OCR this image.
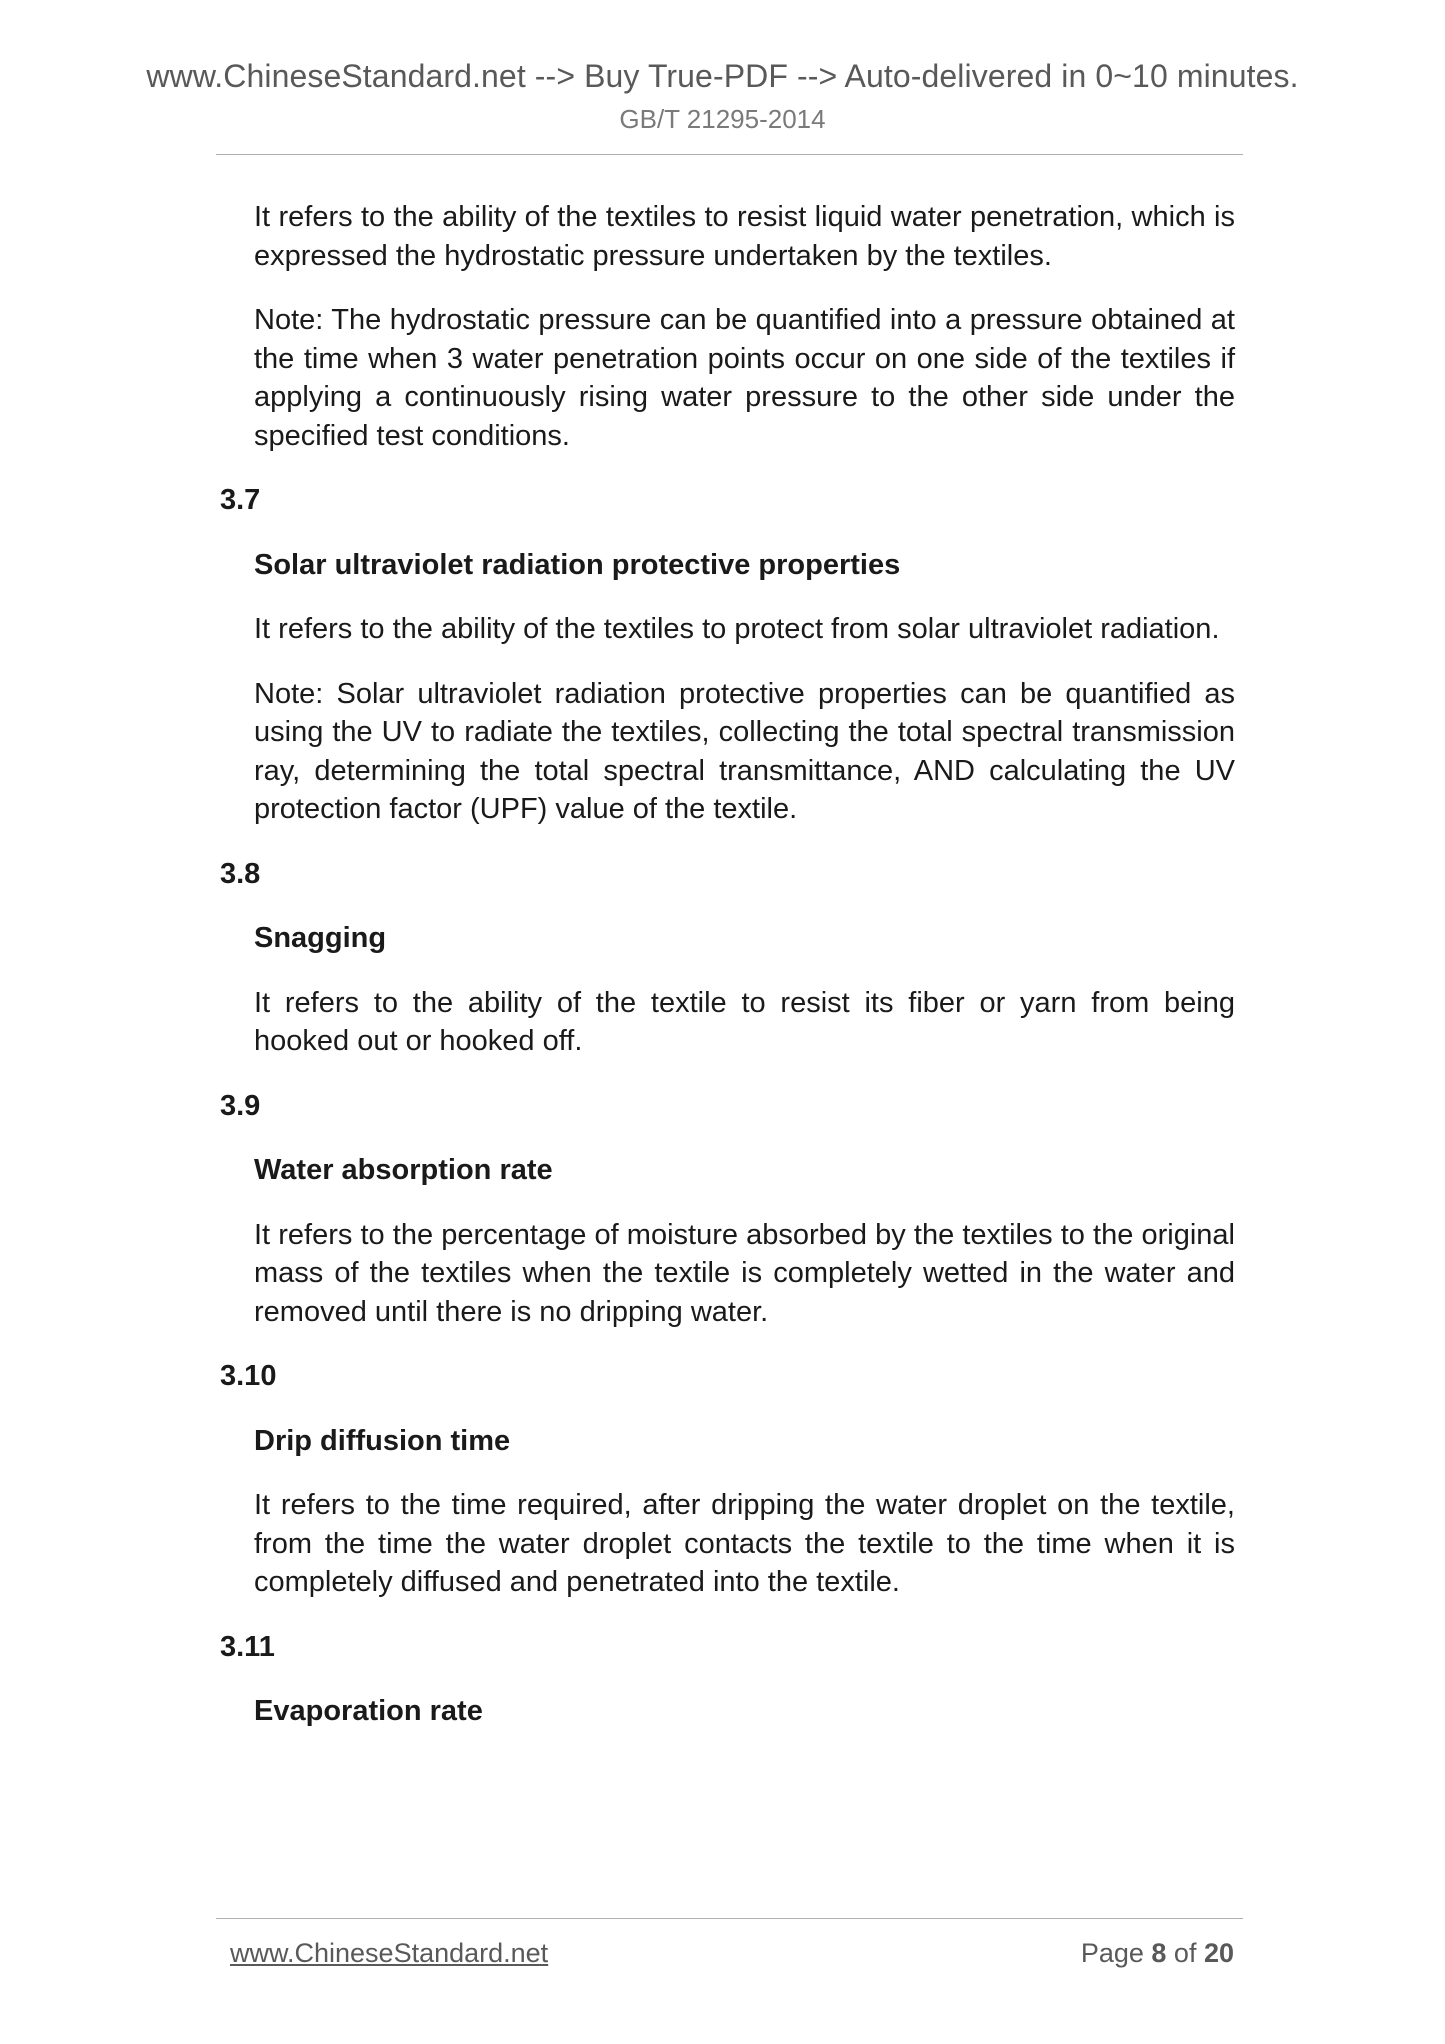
www.ChineseStandard.net --> Buy True-PDF --> Auto-delivered in 0~10 minutes.
GB/T 21295-2014

It refers to the ability of the textiles to resist liquid water penetration, which is expressed the hydrostatic pressure undertaken by the textiles.

Note: The hydrostatic pressure can be quantified into a pressure obtained at the time when 3 water penetration points occur on one side of the textiles if applying a continuously rising water pressure to the other side under the specified test conditions.

3.7
Solar ultraviolet radiation protective properties

It refers to the ability of the textiles to protect from solar ultraviolet radiation.

Note: Solar ultraviolet radiation protective properties can be quantified as using the UV to radiate the textiles, collecting the total spectral transmission ray, determining the total spectral transmittance, AND calculating the UV protection factor (UPF) value of the textile.

3.8
Snagging

It refers to the ability of the textile to resist its fiber or yarn from being hooked out or hooked off.

3.9
Water absorption rate

It refers to the percentage of moisture absorbed by the textiles to the original mass of the textiles when the textile is completely wetted in the water and removed until there is no dripping water.

3.10
Drip diffusion time

It refers to the time required, after dripping the water droplet on the textile, from the time the water droplet contacts the textile to the time when it is completely diffused and penetrated into the textile.

3.11
Evaporation rate
www.ChineseStandard.net	Page 8 of 20
